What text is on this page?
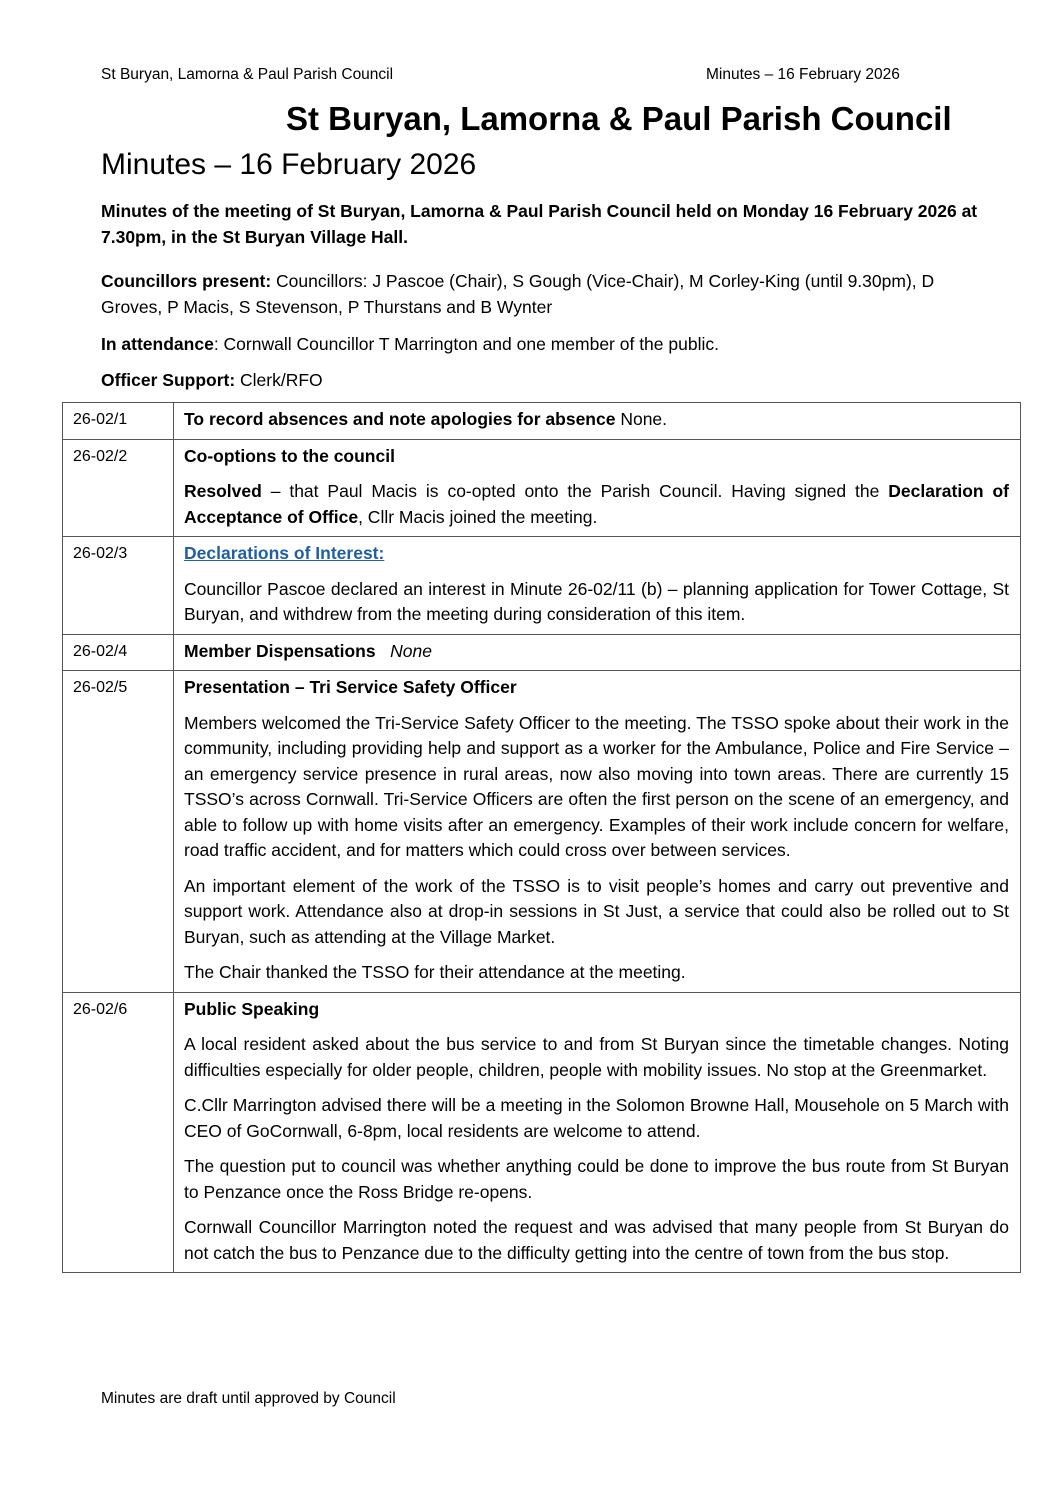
St Buryan, Lamorna & Paul Parish Council	Minutes – 16 February 2026
St Buryan, Lamorna & Paul Parish Council
Minutes – 16 February 2026
Minutes of the meeting of St Buryan, Lamorna & Paul Parish Council held on Monday 16 February 2026 at 7.30pm, in the St Buryan Village Hall.
Councillors present: Councillors: J Pascoe (Chair), S Gough (Vice-Chair), M Corley-King (until 9.30pm), D Groves, P Macis, S Stevenson, P Thurstans and B Wynter
In attendance: Cornwall Councillor T Marrington and one member of the public.
Officer Support: Clerk/RFO
26-02/1	To record absences and note apologies for absence None.

26-02/2	Co-options to the council

Resolved – that Paul Macis is co-opted onto the Parish Council. Having signed the Declaration of Acceptance of Office, Cllr Macis joined the meeting.

26-02/3	Declarations of Interest:

Councillor Pascoe declared an interest in Minute 26-02/11 (b) – planning application for Tower Cottage, St Buryan, and withdrew from the meeting during consideration of this item.

26-02/4	Member Dispensations None

26-02/5	Presentation – Tri Service Safety Officer

Members welcomed the Tri-Service Safety Officer to the meeting. The TSSO spoke about their work in the community, including providing help and support as a worker for the Ambulance, Police and Fire Service – an emergency service presence in rural areas, now also moving into town areas. There are currently 15 TSSO’s across Cornwall. Tri-Service Officers are often the first person on the scene of an emergency, and able to follow up with home visits after an emergency. Examples of their work include concern for welfare, road traffic accident, and for matters which could cross over between services.

An important element of the work of the TSSO is to visit people’s homes and carry out preventive and support work. Attendance also at drop-in sessions in St Just, a service that could also be rolled out to St Buryan, such as attending at the Village Market.

The Chair thanked the TSSO for their attendance at the meeting.

26-02/6	Public Speaking

A local resident asked about the bus service to and from St Buryan since the timetable changes. Noting difficulties especially for older people, children, people with mobility issues. No stop at the Greenmarket.

C.Cllr Marrington advised there will be a meeting in the Solomon Browne Hall, Mousehole on 5 March with CEO of GoCornwall, 6-8pm, local residents are welcome to attend.

The question put to council was whether anything could be done to improve the bus route from St Buryan to Penzance once the Ross Bridge re-opens.

Cornwall Councillor Marrington noted the request and was advised that many people from St Buryan do not catch the bus to Penzance due to the difficulty getting into the centre of town from the bus stop.

Minutes are draft until approved by Council
